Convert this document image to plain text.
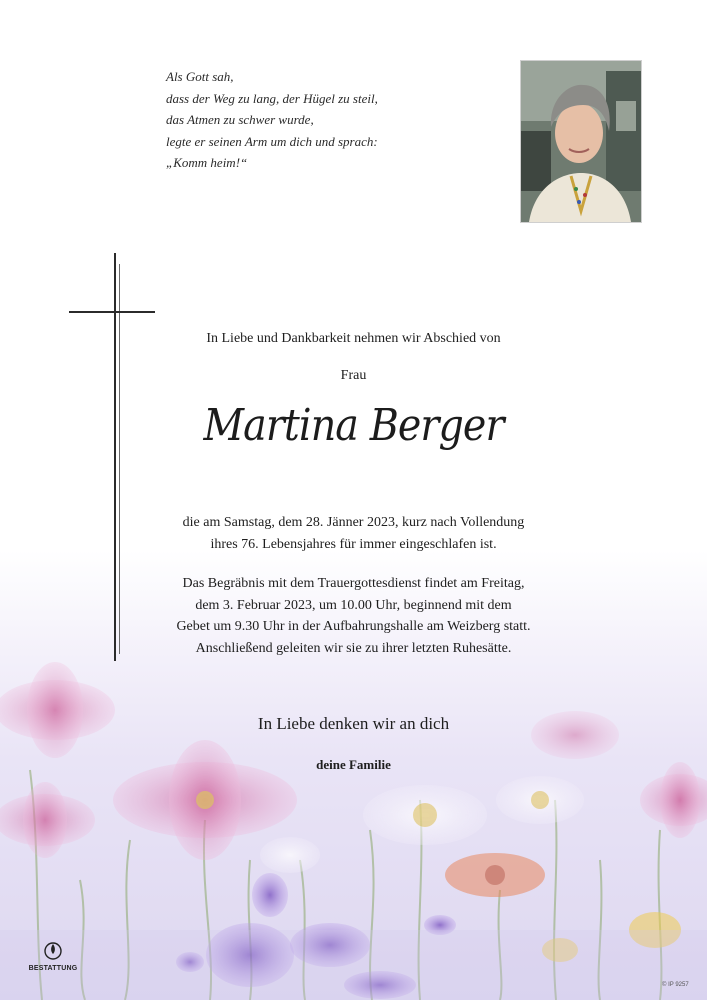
Als Gott sah,
dass der Weg zu lang, der Hügel zu steil,
das Atmen zu schwer wurde,
legte er seinen Arm um dich und sprach:
„Komm heim!“
In Liebe und Dankbarkeit nehmen wir Abschied von
Frau
Martina Berger
die am Samstag, dem 28. Jänner 2023, kurz nach Vollendung
ihres 76. Lebensjahres für immer eingeschlafen ist.
Das Begräbnis mit dem Trauergottesdienst findet am Freitag,
dem 3. Februar 2023, um 10.00 Uhr, beginnend mit dem
Gebet um 9.30 Uhr in der Aufbahrungshalle am Weizberg statt.
Anschließend geleiten wir sie zu ihrer letzten Ruhesätte.
In Liebe denken wir an dich
deine Familie
BESTATTUNG
© IP 9257
